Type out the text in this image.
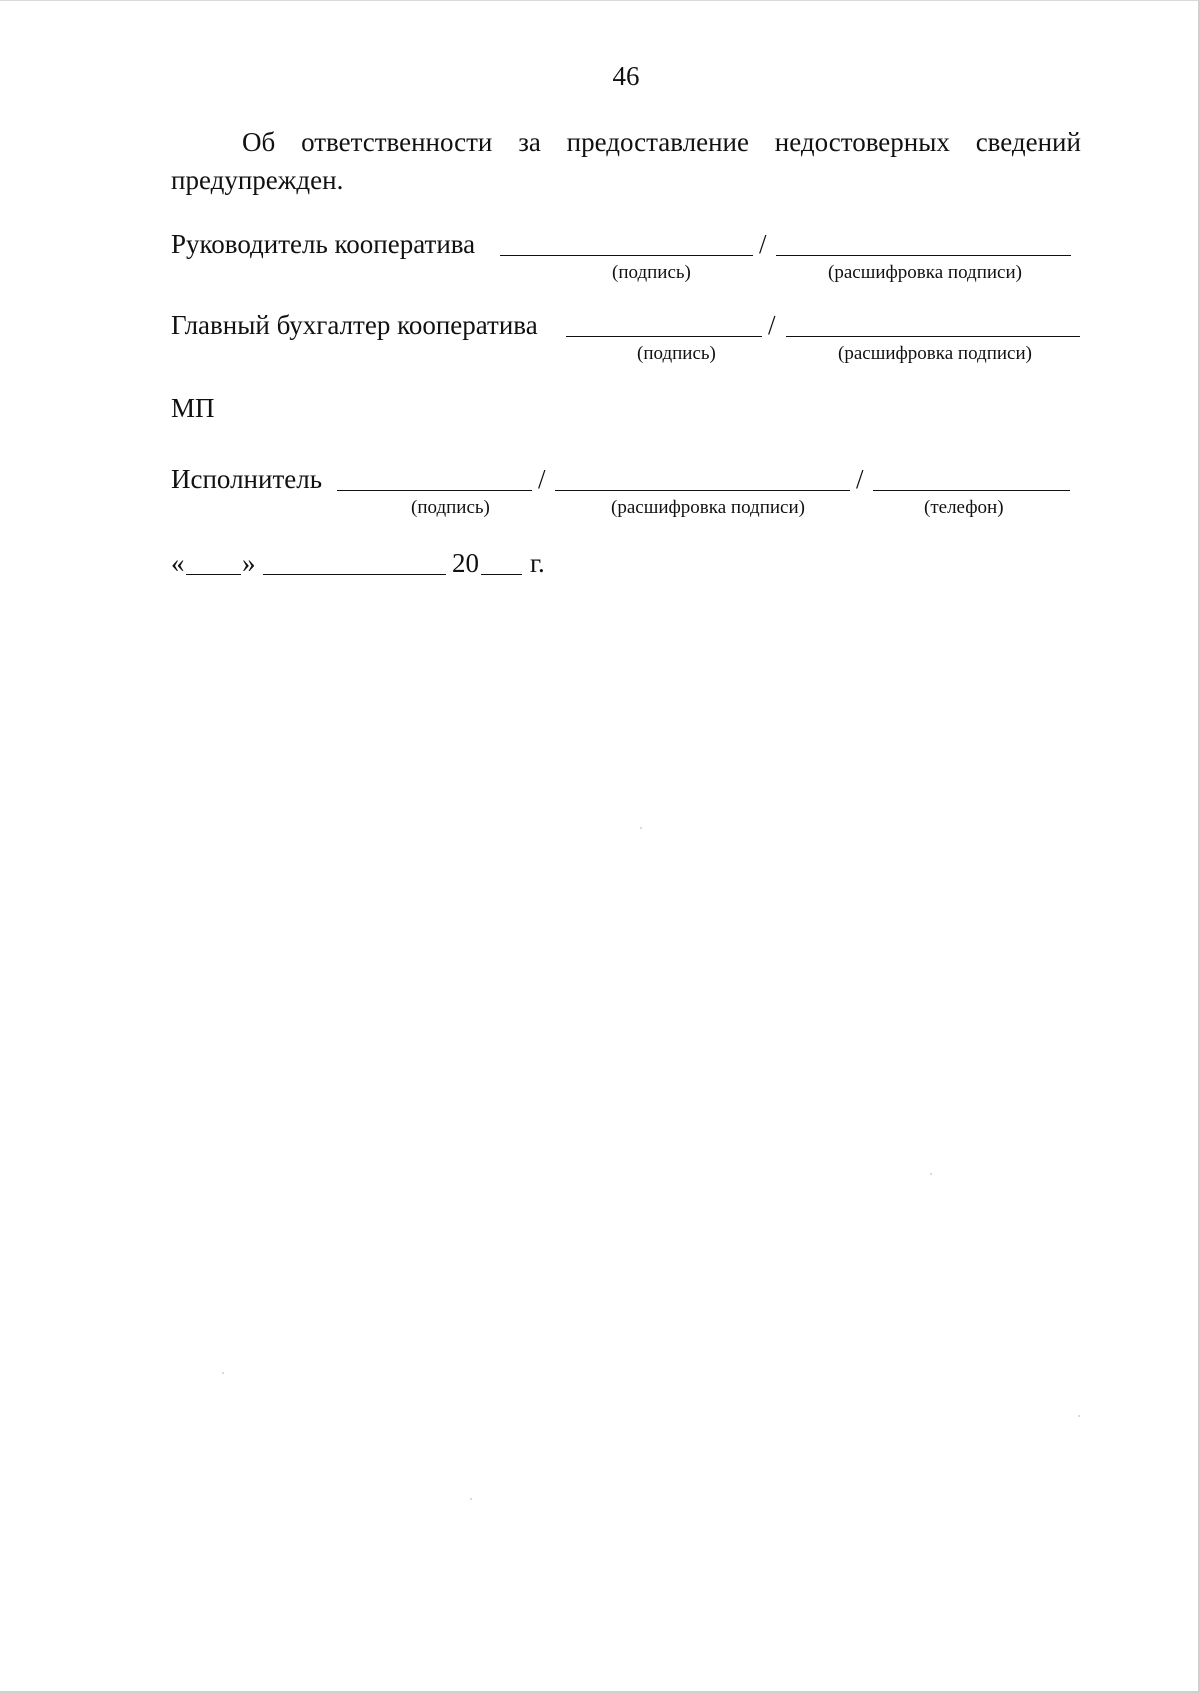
46
Об ответственности за предоставление недостоверных сведений
предупрежден.
Руководитель кооператива	/
(подпись)	(расшифровка подписи)
Главный бухгалтер кооператива	/
(подпись)	(расшифровка подписи)
МП
Исполнитель	/	/
(подпись)	(расшифровка подписи)	(телефон)
« »	20 г.
